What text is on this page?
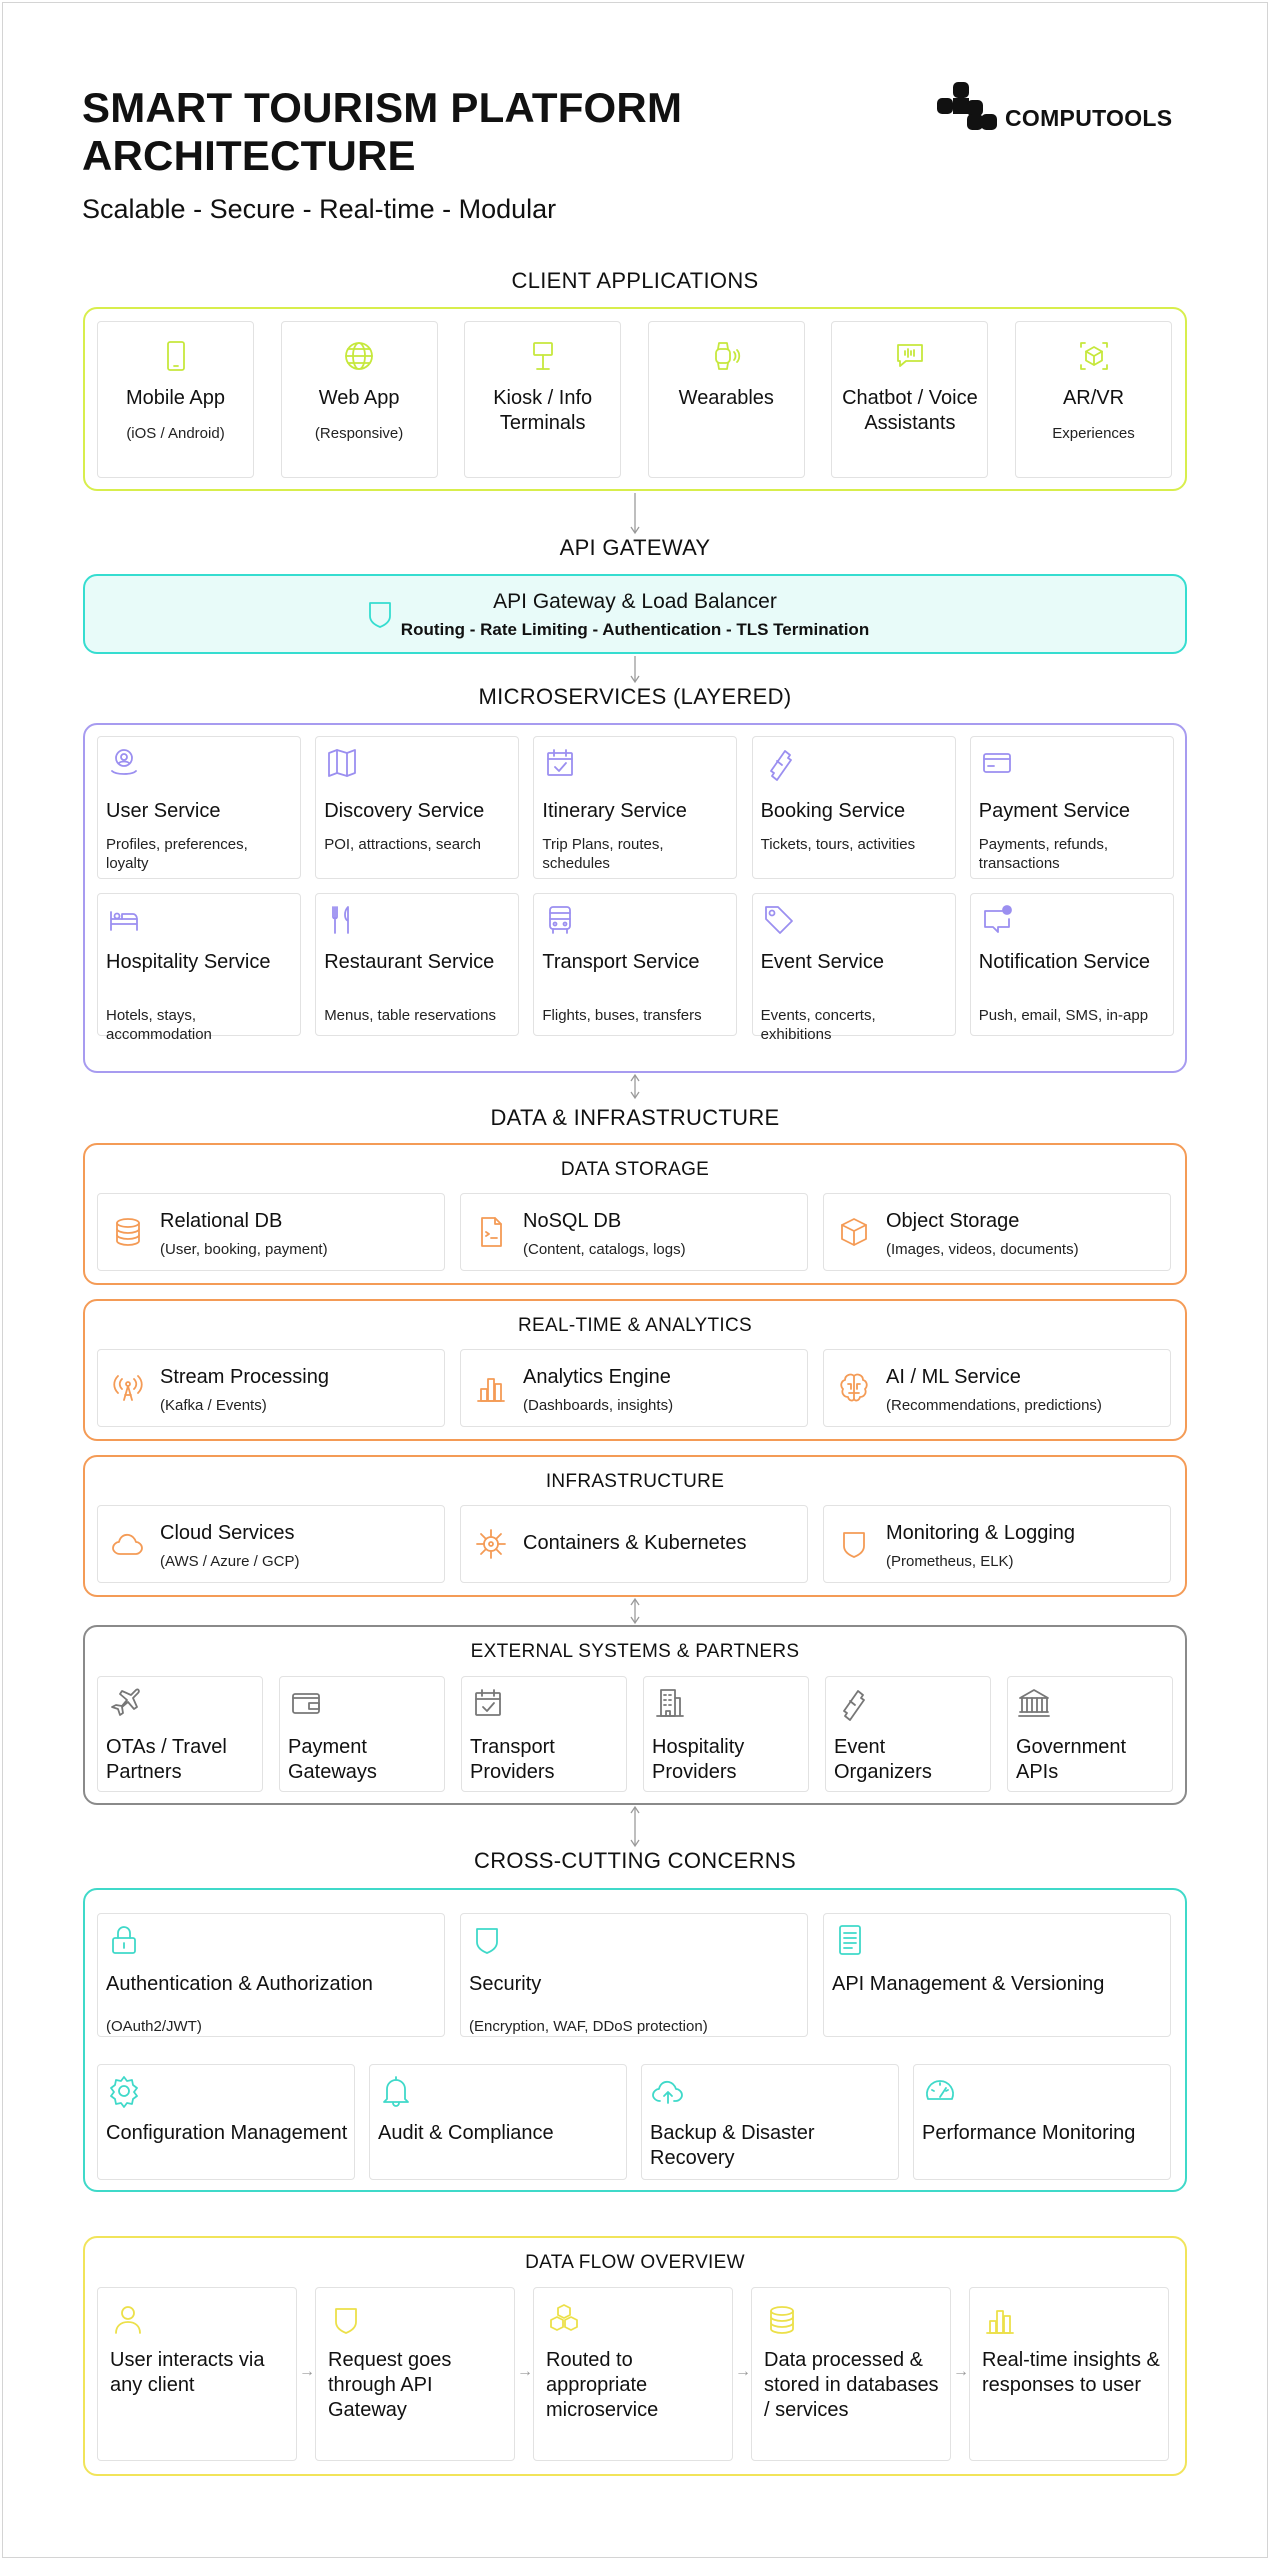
SMART TOURISM PLATFORM ARCHITECTURE
Scalable - Secure - Real-time - Modular
COMPUTOOLS
CLIENT APPLICATIONS
API GATEWAY
MICROSERVICES (LAYERED)
DATA & INFRASTRUCTURE
CROSS-CUTTING CONCERNS
API Gateway & Load Balancer
Routing - Rate Limiting - Authentication - TLS Termination
DATA STORAGE
REAL-TIME & ANALYTICS
INFRASTRUCTURE
EXTERNAL SYSTEMS & PARTNERS
DATA FLOW OVERVIEW
Mobile App
(iOS / Android)
Web App
(Responsive)
Kiosk / Info Terminals
Wearables	Chatbot / Voice Assistants
AR/VR
Experiences
User Service
Profiles, preferences, loyalty
Discovery Service
POI, attractions, search
Itinerary Service
Trip Plans, routes, schedules
Booking Service
Tickets, tours, activities
Payment Service
Payments, refunds, transactions
Hospitality Service
Hotels, stays, accommodation
Restaurant Service
Menus, table reservations
Transport Service
Flights, buses, transfers
Event Service
Events, concerts, exhibitions
Notification Service
Push, email, SMS, in-app
Relational DB
(User, booking, payment)
NoSQL DB
(Content, catalogs, logs)
Object Storage
(Images, videos, documents)
Stream Processing
(Kafka / Events)
Analytics Engine
(Dashboards, insights)
AI / ML Service
(Recommendations, predictions)
Cloud Services
(AWS / Azure / GCP)
Containers & Kubernetes	Monitoring & Logging
(Prometheus, ELK)
OTAs / Travel Partners
Payment Gateways
Transport Providers
Hospitality Providers
Event Organizers
Government APIs
Authentication & Authorization
(OAuth2/JWT)
Security
(Encryption, WAF, DDoS protection)
API Management & Versioning
Configuration Management Audit & Compliance	Backup & Disaster Recovery
Performance Monitoring
User interacts via any client
→
Request goes through API Gateway
→
Routed to appropriate microservice
→
Data processed & stored in databases / services
→
Real-time insights & responses to user
